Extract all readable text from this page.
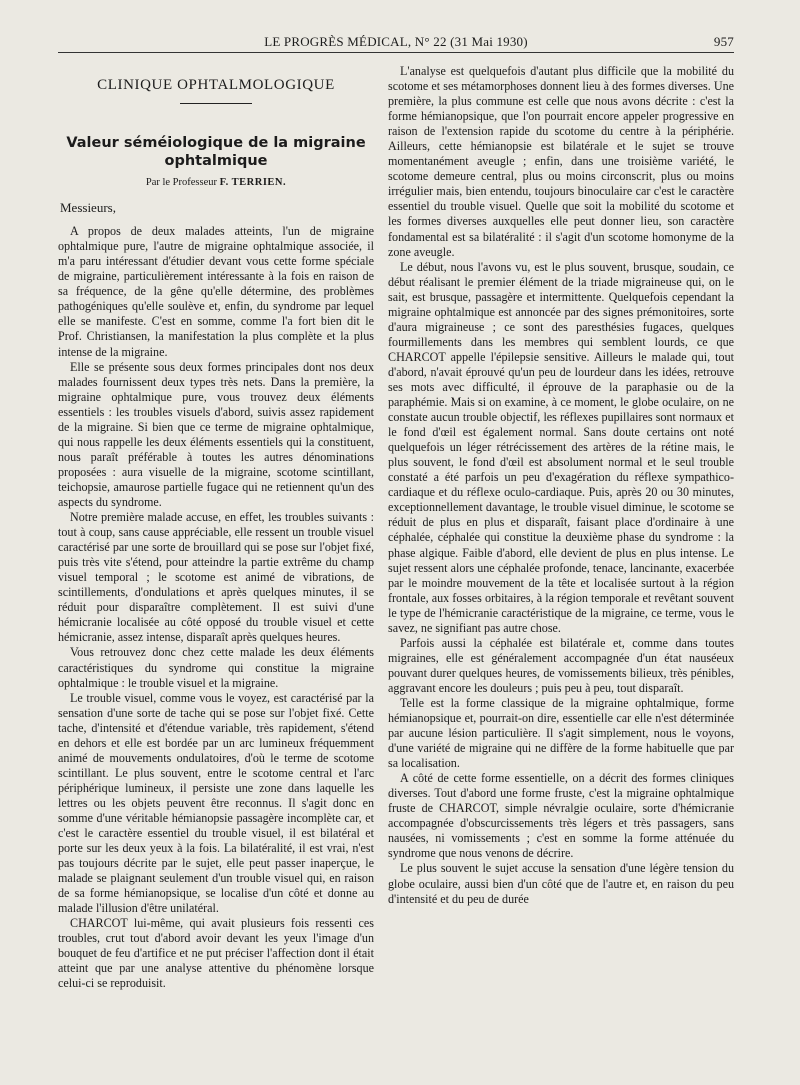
LE PROGRÈS MÉDICAL, N° 22 (31 Mai 1930)	957
CLINIQUE OPHTALMOLOGIQUE
Valeur séméiologique de la migraine ophtalmique
Par le Professeur F. TERRIEN.
Messieurs,

A propos de deux malades atteints, l'un de migraine ophtalmique pure, l'autre de migraine ophtalmique associée, il m'a paru intéressant d'étudier devant vous cette forme spéciale de migraine, particulièrement intéressante à la fois en raison de sa fréquence, de la gêne qu'elle détermine, des problèmes pathogéniques qu'elle soulève et, enfin, du syndrome par lequel elle se manifeste. C'est en somme, comme l'a fort bien dit le Prof. Christiansen, la manifestation la plus complète et la plus intense de la migraine.

Elle se présente sous deux formes principales dont nos deux malades fournissent deux types très nets. Dans la première, la migraine ophtalmique pure, vous trouvez deux éléments essentiels : les troubles visuels d'abord, suivis assez rapidement de la migraine. Si bien que ce terme de migraine ophtalmique, qui nous rappelle les deux éléments essentiels qui la constituent, nous paraît préférable à toutes les autres dénominations proposées : aura visuelle de la migraine, scotome scintillant, teichopsie, amaurose partielle fugace qui ne retiennent qu'un des aspects du syndrome.

Notre première malade accuse, en effet, les troubles suivants : tout à coup, sans cause appréciable, elle ressent un trouble visuel caractérisé par une sorte de brouillard qui se pose sur l'objet fixé, puis très vite s'étend, pour atteindre la partie extrême du champ visuel temporal ; le scotome est animé de vibrations, de scintillements, d'ondulations et après quelques minutes, il se réduit pour disparaître complètement. Il est suivi d'une hémicranie localisée au côté opposé du trouble visuel et cette hémicranie, assez intense, disparaît après quelques heures.

Vous retrouvez donc chez cette malade les deux éléments caractéristiques du syndrome qui constitue la migraine ophtalmique : le trouble visuel et la migraine.

Le trouble visuel, comme vous le voyez, est caractérisé par la sensation d'une sorte de tache qui se pose sur l'objet fixé. Cette tache, d'intensité et d'étendue variable, très rapidement, s'étend en dehors et elle est bordée par un arc lumineux fréquemment animé de mouvements ondulatoires, d'où le terme de scotome scintillant. Le plus souvent, entre le scotome central et l'arc périphérique lumineux, il persiste une zone dans laquelle les lettres ou les objets peuvent être reconnus. Il s'agit donc en somme d'une véritable hémianopsie passagère incomplète car, et c'est le caractère essentiel du trouble visuel, il est bilatéral et porte sur les deux yeux à la fois. La bilatéralité, il est vrai, n'est pas toujours décrite par le sujet, elle peut passer inaperçue, le malade se plaignant seulement d'un trouble visuel qui, en raison de sa forme hémianopsique, se localise d'un côté et donne au malade l'illusion d'être unilatéral.

CHARCOT lui-même, qui avait plusieurs fois ressenti ces troubles, crut tout d'abord avoir devant les yeux l'image d'un bouquet de feu d'artifice et ne put préciser l'affection dont il était atteint que par une analyse attentive du phénomène lorsque celui-ci se reproduisit.

L'analyse est quelquefois d'autant plus difficile que la mobilité du scotome et ses métamorphoses donnent lieu à des formes diverses. Une première, la plus commune est celle que nous avons décrite : c'est la forme hémianopsique, que l'on pourrait encore appeler progressive en raison de l'extension rapide du scotome du centre à la périphérie. Ailleurs, cette hémianopsie est bilatérale et le sujet se trouve momentanément aveugle ; enfin, dans une troisième variété, le scotome demeure central, plus ou moins circonscrit, plus ou moins irrégulier mais, bien entendu, toujours binoculaire car c'est le caractère essentiel du trouble visuel. Quelle que soit la mobilité du scotome et les formes diverses auxquelles elle peut donner lieu, son caractère fondamental est sa bilatéralité : il s'agit d'un scotome homonyme de la zone aveugle.

Le début, nous l'avons vu, est le plus souvent, brusque, soudain, ce début réalisant le premier élément de la triade migraineuse qui, on le sait, est brusque, passagère et intermittente. Quelquefois cependant la migraine ophtalmique est annoncée par des signes prémonitoires, sorte d'aura migraineuse ; ce sont des paresthésies fugaces, quelques fourmillements dans les membres qui semblent lourds, ce que CHARCOT appelle l'épilepsie sensitive. Ailleurs le malade qui, tout d'abord, n'avait éprouvé qu'un peu de lourdeur dans les idées, retrouve ses mots avec difficulté, il éprouve de la paraphasie ou de la paraphémie. Mais si on examine, à ce moment, le globe oculaire, on ne constate aucun trouble objectif, les réflexes pupillaires sont normaux et le fond d'œil est également normal. Sans doute certains ont noté quelquefois un léger rétrécissement des artères de la rétine mais, le plus souvent, le fond d'œil est absolument normal et le seul trouble constaté a été parfois un peu d'exagération du réflexe sympathico-cardiaque et du réflexe oculo-cardiaque. Puis, après 20 ou 30 minutes, exceptionnellement davantage, le trouble visuel diminue, le scotome se réduit de plus en plus et disparaît, faisant place d'ordinaire à une céphalée, céphalée qui constitue la deuxième phase du syndrome : la phase algique. Faible d'abord, elle devient de plus en plus intense. Le sujet ressent alors une céphalée profonde, tenace, lancinante, exacerbée par le moindre mouvement de la tête et localisée surtout à la région frontale, aux fosses orbitaires, à la région temporale et revêtant souvent le type de l'hémicranie caractéristique de la migraine, ce terme, vous le savez, ne signifiant pas autre chose.

Parfois aussi la céphalée est bilatérale et, comme dans toutes migraines, elle est généralement accompagnée d'un état nauséeux pouvant durer quelques heures, de vomissements bilieux, très pénibles, aggravant encore les douleurs ; puis peu à peu, tout disparaît.

Telle est la forme classique de la migraine ophtalmique, forme hémianopsique et, pourrait-on dire, essentielle car elle n'est déterminée par aucune lésion particulière. Il s'agit simplement, nous le voyons, d'une variété de migraine qui ne diffère de la forme habituelle que par sa localisation.

A côté de cette forme essentielle, on a décrit des formes cliniques diverses. Tout d'abord une forme fruste, c'est la migraine ophtalmique fruste de CHARCOT, simple névralgie oculaire, sorte d'hémicranie accompagnée d'obscurcissements très légers et très passagers, sans nausées, ni vomissements ; c'est en somme la forme atténuée du syndrome que nous venons de décrire.

Le plus souvent le sujet accuse la sensation d'une légère tension du globe oculaire, aussi bien d'un côté que de l'autre et, en raison du peu d'intensité et du peu de durée
